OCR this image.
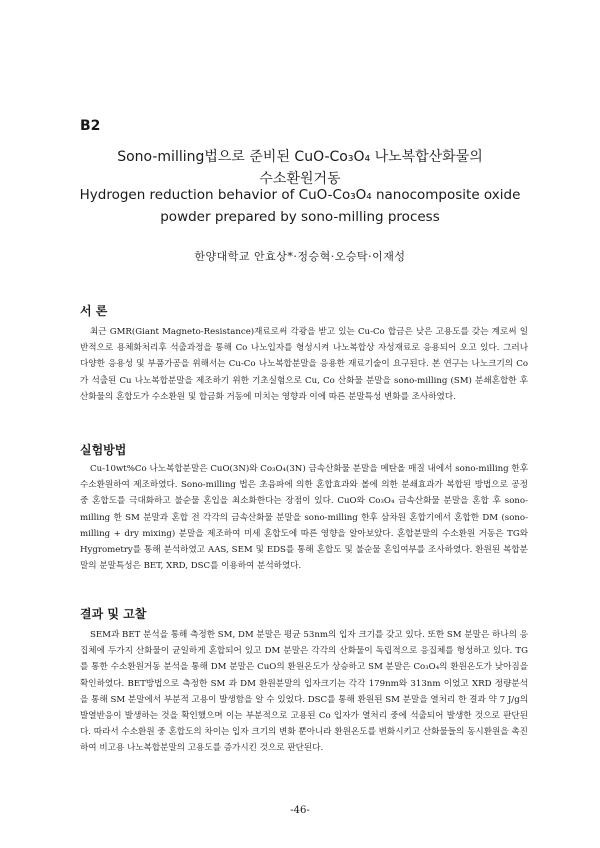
B2
Sono-milling법으로 준비된 CuO-Co₃O₄ 나노복합산화물의
수소환원거동
Hydrogen reduction behavior of CuO-Co₃O₄ nanocomposite oxide
powder prepared by sono-milling process
한양대학교 안효상*·정승혁·오승탁·이재성
서 론
최근 GMR(Giant Magneto-Resistance)재료로써 각광을 받고 있는 Cu-Co 합금은 낮은 고용도를 갖는 계로써 일반적으로 용체화처리후 석출과정을 통해 Co 나노입자를 형성시켜 나노복합상 자성재료로 응용되어 오고 있다. 그러나 다양한 응용성 및 부품가공을 위해서는 Cu-Co 나노복합분말을 응용한 재료기술이 요구된다. 본 연구는 나노크기의 Co가 석출된 Cu 나노복합분말을 제조하기 위한 기초실험으로 Cu, Co 산화물 분말을 sono-milling (SM) 분쇄혼합한 후 산화물의 혼합도가 수소환원 및 합금화 거동에 미치는 영향과 이에 따른 분말특성 변화를 조사하였다.
실험방법
Cu-10wt%Co 나노복합분말은 CuO(3N)와 Co₃O₄(3N) 금속산화물 분말을 메탄올 매질 내에서 sono-milling 한후 수소환원하여 제조하였다. Sono-milling 법은 초음파에 의한 혼합효과와 볼에 의한 분쇄효과가 복합된 방법으로 공정 중 혼합도를 극대화하고 불순물 혼입을 최소화한다는 장점이 있다. CuO와 Co₃O₄ 금속산화물 분말을 혼합 후 sono-milling 한 SM 분말과 혼합 전 각각의 금속산화물 분말을 sono-milling 한후 삼차원 혼합기에서 혼합한 DM (sono-milling + dry mixing) 분말을 제조하여 미세 혼합도에 따른 영향을 알아보았다. 혼합분말의 수소환원 거동은 TG와 Hygrometry를 통해 분석하였고 AAS, SEM 및 EDS를 통해 혼합도 및 불순물 혼입여부를 조사하였다. 환원된 복합분말의 분말특성은 BET, XRD, DSC를 이용하여 분석하였다.
결과 및 고찰
SEM과 BET 분석을 통해 측정한 SM, DM 분말은 평균 53nm의 입자 크기를 갖고 있다. 또한 SM 분말은 하나의 응집체에 두가지 산화물이 균일하게 혼합되어 있고 DM 분말은 각각의 산화물이 독립적으로 응집체를 형성하고 있다. TG를 통한 수소환원거동 분석을 통해 DM 분말은 CuO의 환원온도가 상승하고 SM 분말은 Co₃O₄의 환원온도가 낮아짐을 확인하였다. BET방법으로 측정한 SM 과 DM 환원분말의 입자크기는 각각 179nm와 313nm 이었고 XRD 정량분석을 통해 SM 분말에서 부분적 고용이 발생함을 알 수 있었다. DSC를 통해 환원된 SM 분말을 열처리 한 결과 약 7 J/g의 발열반응이 발생하는 것을 확인했으며 이는 부분적으로 고용된 Co 입자가 열처리 중에 석출되어 발생한 것으로 판단된다. 따라서 수소환원 중 혼합도의 차이는 입자 크기의 변화 뿐아니라 환원온도를 변화시키고 산화물들의 동시환원을 촉진하여 비고용 나노복합분말의 고용도를 증가시킨 것으로 판단된다.
-46-
